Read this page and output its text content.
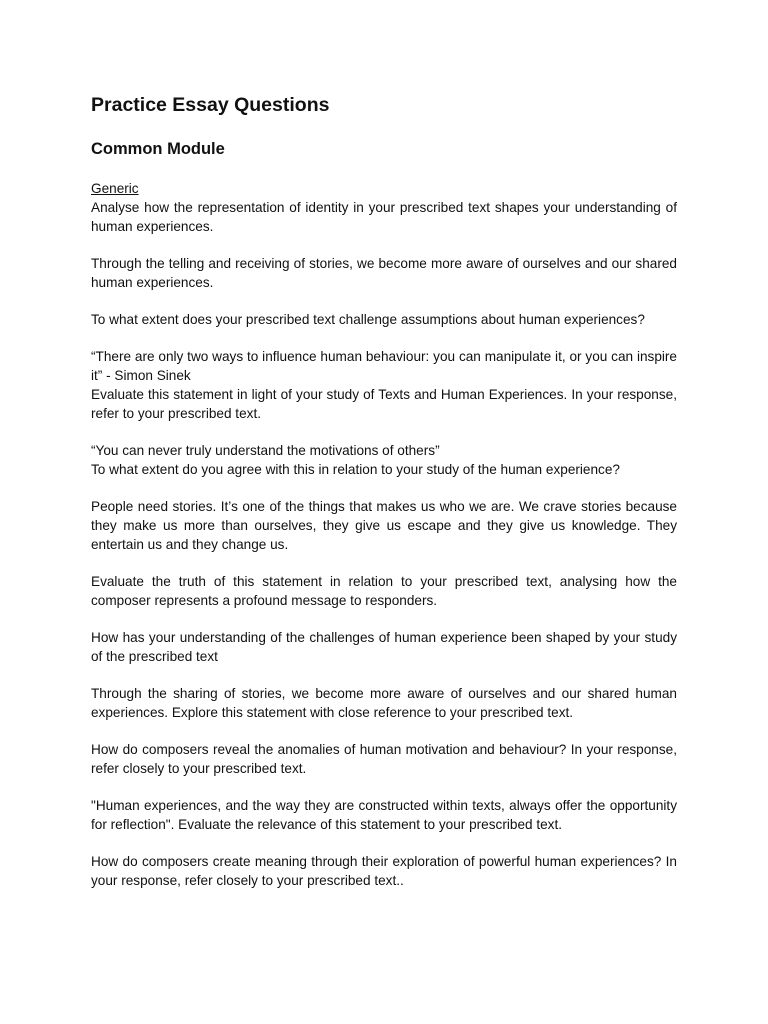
Practice Essay Questions
Common Module
Generic
Analyse how the representation of identity in your prescribed text shapes your understanding of human experiences.
Through the telling and receiving of stories, we become more aware of ourselves and our shared human experiences.
To what extent does your prescribed text challenge assumptions about human experiences?
“There are only two ways to influence human behaviour: you can manipulate it, or you can inspire it” - Simon Sinek
Evaluate this statement in light of your study of Texts and Human Experiences. In your response, refer to your prescribed text.
“You can never truly understand the motivations of others”
To what extent do you agree with this in relation to your study of the human experience?
People need stories. It’s one of the things that makes us who we are. We crave stories because they make us more than ourselves, they give us escape and they give us knowledge. They entertain us and they change us.
Evaluate the truth of this statement in relation to your prescribed text, analysing how the composer represents a profound message to responders.
How has your understanding of the challenges of human experience been shaped by your study of the prescribed text
Through the sharing of stories, we become more aware of ourselves and our shared human experiences. Explore this statement with close reference to your prescribed text.
How do composers reveal the anomalies of human motivation and behaviour? In your response, refer closely to your prescribed text.
"Human experiences, and the way they are constructed within texts, always offer the opportunity for reflection". Evaluate the relevance of this statement to your prescribed text.
How do composers create meaning through their exploration of powerful human experiences? In your response, refer closely to your prescribed text..
